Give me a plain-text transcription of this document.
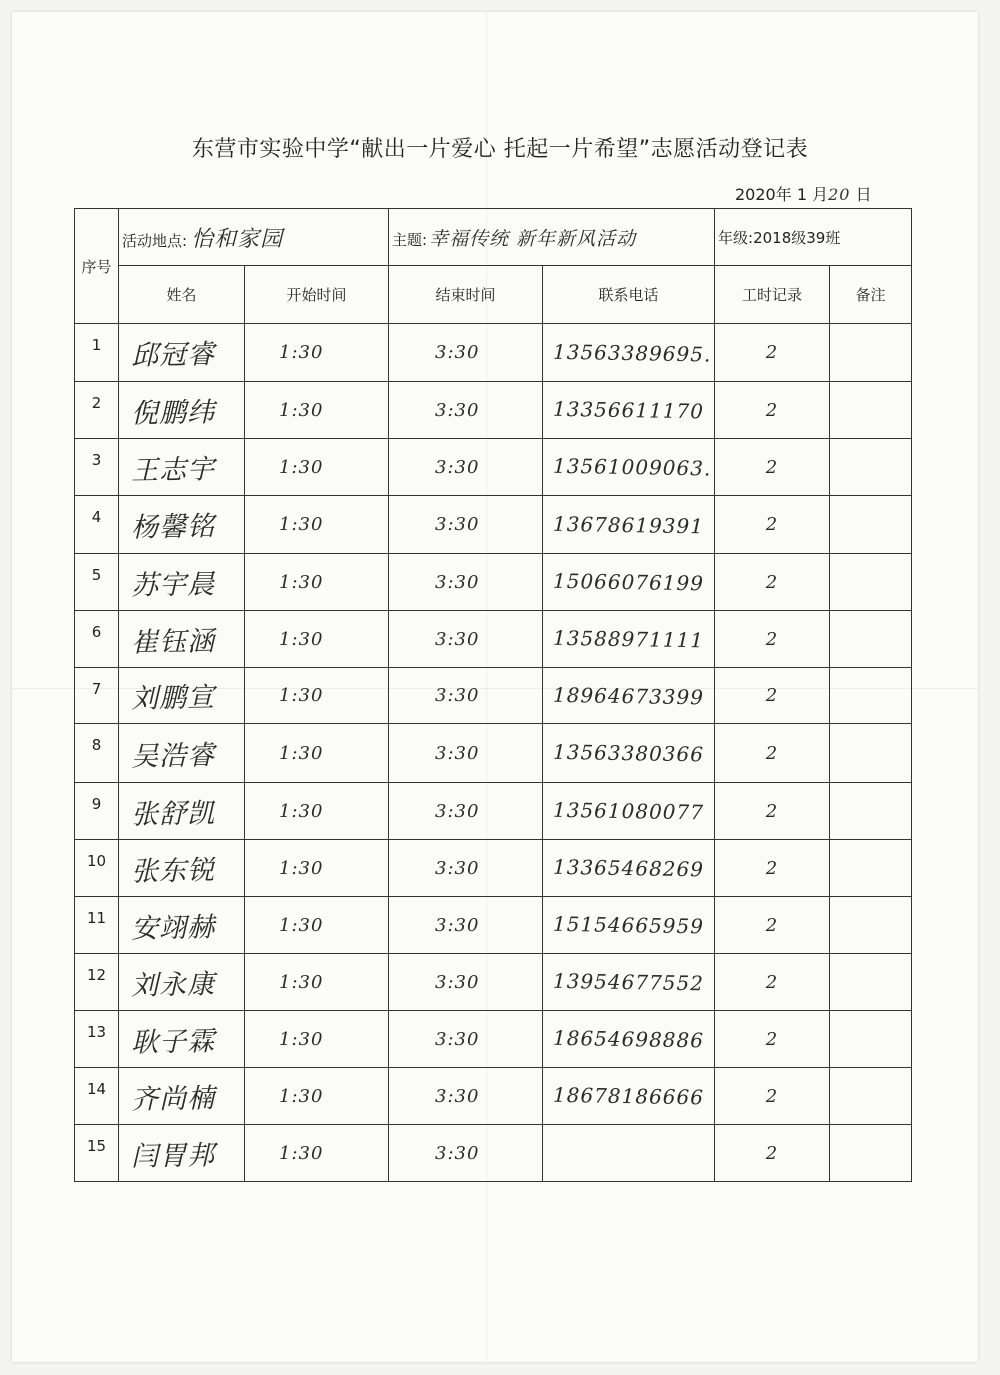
东营市实验中学“献出一片爱心 托起一片希望”志愿活动登记表
2020年 1 月20 日
序号	活动地点: 怡和家园		主题: 幸福传统 新年新风活动		年级:2018级39班	
	姓名	开始时间	结束时间	联系电话	工时记录	备注
1	邱冠睿	1:30	3:30	13563389695.	2	

2	倪鹏纬	1:30	3:30	13356611170	2	

3	王志宇	1:30	3:30	13561009063.	2	

4	杨馨铭	1:30	3:30	13678619391	2	

5	苏宇晨	1:30	3:30	15066076199	2	

6	崔钰涵	1:30	3:30	13588971111	2	

7	刘鹏宣	1:30	3:30	18964673399	2	

8	吴浩睿	1:30	3:30	13563380366	2	

9	张舒凯	1:30	3:30	13561080077	2	

10	张东锐	1:30	3:30	13365468269	2	

11	安翊赫	1:30	3:30	15154665959	2	

12	刘永康	1:30	3:30	13954677552	2	

13	耿子霖	1:30	3:30	18654698886	2	

14	齐尚楠	1:30	3:30	18678186666	2	

15	闫胃邦	1:30	3:30		2	
